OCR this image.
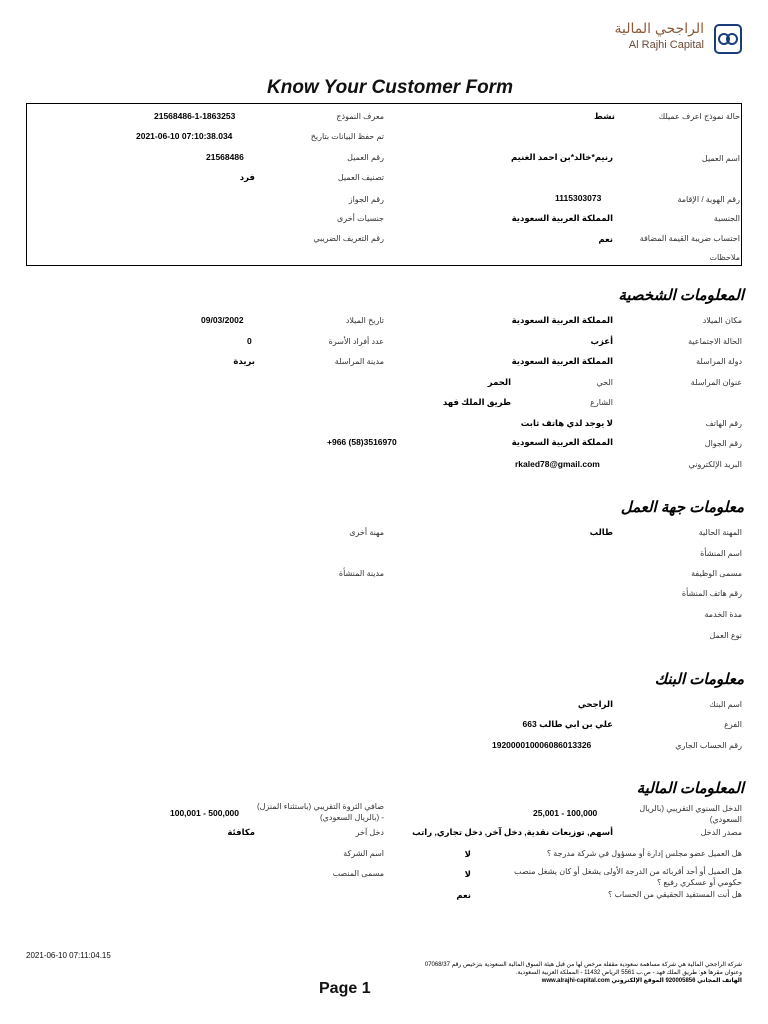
الراجحي المالية
Al Rajhi Capital
Know Your Customer Form
حالة نموذج اعرف عميلك
نشط
معرف النموذج
21568486-1-1863253
تم حفظ البيانات بتاريخ
2021-06-10 07:10:38.034
رقم العميل
21568486	اسم العميل
رنيم*خالد*بن احمد الغنيم
تصنيف العميل
فرد
رقم الهوية / الإقامة
1115303073
رقم الجواز
الجنسية
المملكة العربية السعودية
جنسيات أخرى
احتساب ضريبة القيمة المضافة
نعم
رقم التعريف الضريبي
ملاحظات
المعلومات الشخصية
مكان الميلاد
المملكة العربية السعودية
تاريخ الميلاد
09/03/2002
الحالة الاجتماعية
أعزب
عدد أفراد الأسرة
0
دولة المراسلة
المملكة العربية السعودية
مدينة المراسلة
بريدة
عنوان المراسلة
الحي
الحمر
الشارع
طريق الملك فهد
رقم الهاتف
لا يوجد لدي هاتف ثابت
رقم الجوال
المملكة العربية السعودية
+966 (58)3516970
البريد الإلكتروني
rkaled78@gmail.com
معلومات جهة العمل
المهنة الحالية
طالب
مهنة أخرى
اسم المنشأة
مسمى الوظيفة
مدينة المنشأة
رقم هاتف المنشأة
مدة الخدمة
نوع العمل
معلومات البنك
اسم البنك
الراجحي
الفرع
علي بن ابي طالب 663
رقم الحساب الجاري
192000010006086013326
المعلومات المالية
الدخل السنوي التقريبي (بالريال السعودي)
25,001 - 100,000
صافي الثروة التقريبي (باستثناء المنزل) - (بالريال السعودي)
100,001 - 500,000
مصدر الدخل
أسهم, توزيعات نقدية, دخل آخر, دخل تجاري, راتب
دخل آخر
مكافئة
هل العميل عضو مجلس إدارة أو مسؤول في شركة مدرجة ؟
لا
اسم الشركة
هل العميل أو أحد أقربائه من الدرجة الأولى يشغل أو كان يشغل منصب حكومي أو عسكري رفيع ؟
لا
مسمى المنصب
هل أنت المستفيد الحقيقي من الحساب ؟
نعم
2021-06-10 07:11:04.15
شركة الراجحي المالية هي شركة مساهمة سعودية مقفلة مرخص لها من قبل هيئة السوق المالية السعودية بترخيص رقم 07068/37
وعنوان مقرها هو: طريق الملك فهد - ص.ب 5561 الرياض 11432 - المملكة العربية السعودية.
الهاتف المجاني 920005856 الموقع الإلكتروني www.alrajhi-capital.com
Page 1
